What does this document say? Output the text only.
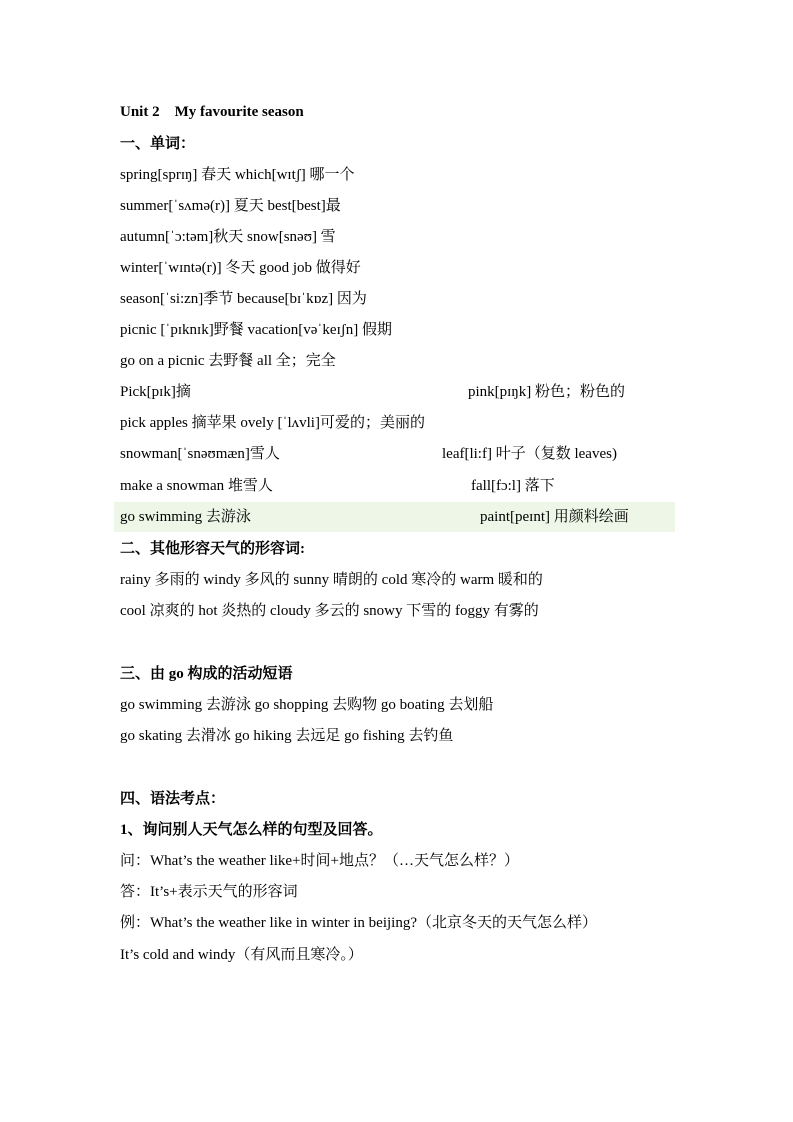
Unit 2　My favourite season
一、单词：
spring[sprɪŋ] 春天 which[wɪtʃ] 哪一个
summer[ˈsʌmə(r)] 夏天 best[best]最
autumn[ˈɔ:təm]秋天 snow[snəʊ] 雪
winter[ˈwɪntə(r)] 冬天 good job 做得好
season[ˈsi:zn]季节 because[bɪˈkɒz] 因为
picnic [ˈpɪknɪk]野餐 vacation[vəˈkeɪʃn] 假期
go on a picnic 去野餐 all 全；完全
Pick[pɪk]摘	pink[pɪŋk] 粉色；粉色的
pick apples 摘苹果 ovely [ˈlʌvli]可爱的；美丽的
snowman[ˈsnəʊmæn]雪人	leaf[li:f] 叶子（复数 leaves)
make a snowman 堆雪人	fall[fɔ:l] 落下
go swimming 去游泳	paint[peɪnt] 用颜料绘画
二、其他形容天气的形容词:
rainy 多雨的 windy 多风的 sunny 晴朗的 cold 寒冷的 warm 暖和的
cool 凉爽的 hot 炎热的 cloudy 多云的 snowy 下雪的 foggy 有雾的
三、由 go 构成的活动短语
go swimming 去游泳 go shopping 去购物 go boating 去划船
go skating 去滑冰 go hiking 去远足 go fishing 去钓鱼
四、语法考点：
1、询问别人天气怎么样的句型及回答。
问：What’s the weather like+时间+地点？（…天气怎么样？）
答：It’s+表示天气的形容词
例：What’s the weather like in winter in beijing?（北京冬天的天气怎么样）
It’s cold and windy（有风而且寒冷。）
